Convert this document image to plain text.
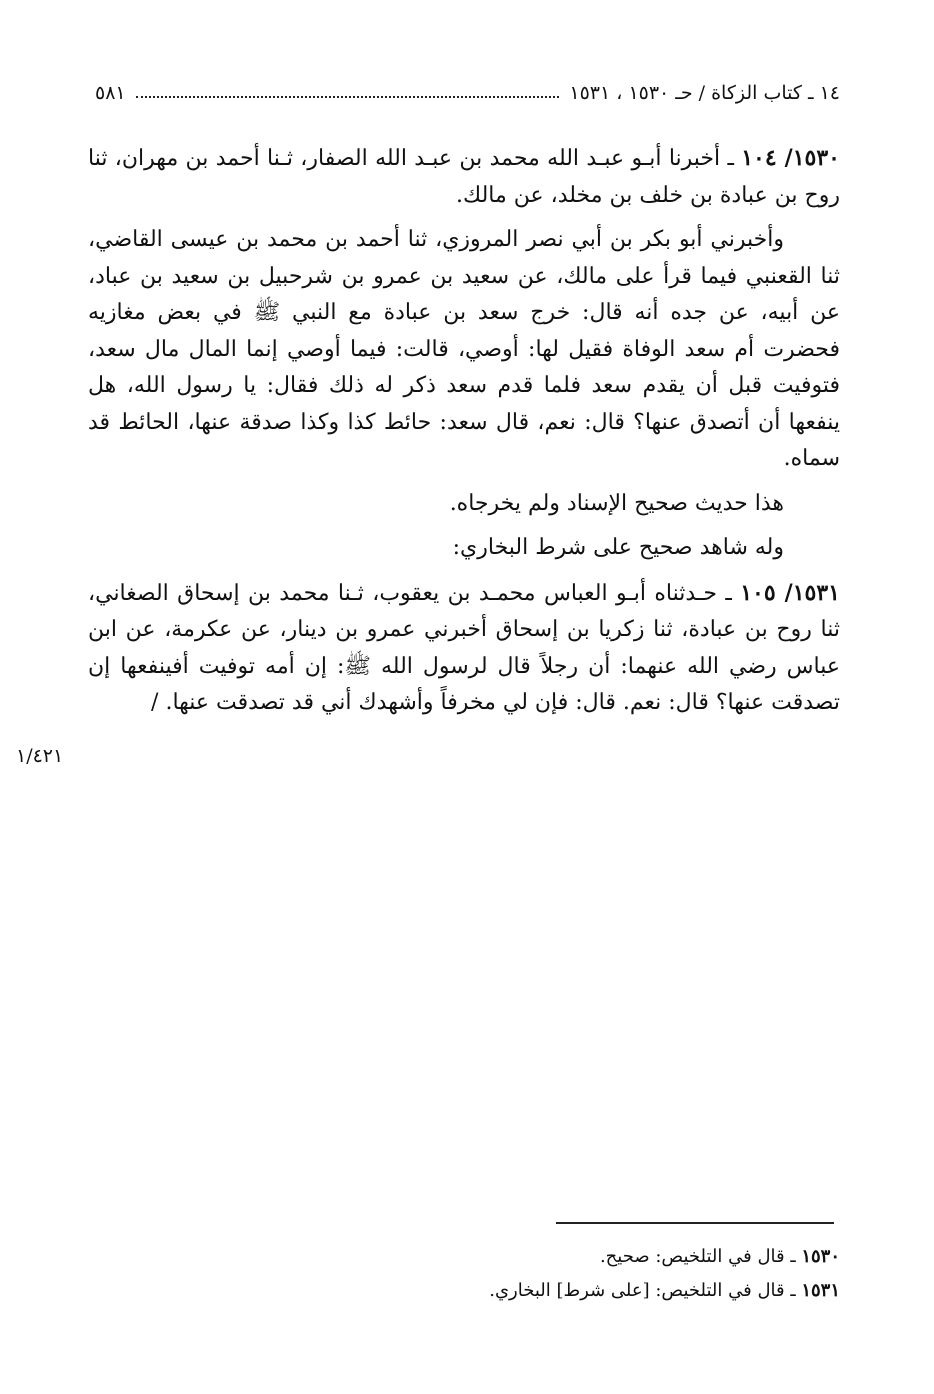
١٤ ـ كتاب الزكاة / حـ ١٥٣٠ ، ١٥٣١
٥٨١

١٥٣٠/ ١٠٤ ـ أخبرنا أبـو عبـد الله محمد بن عبـد الله الصفار، ثـنا أحمد بن مهران، ثنا روح بن عبادة بن خلف بن مخلد، عن مالك.

وأخبرني أبو بكر بن أبي نصر المروزي، ثنا أحمد بن محمد بن عيسى القاضي، ثنا القعنبي فيما قرأ على مالك، عن سعيد بن عمرو بن شرحبيل بن سعيد بن عباد، عن أبيه، عن جده أنه قال: خرج سعد بن عبادة مع النبي ﷺ في بعض مغازيه فحضرت أم سعد الوفاة فقيل لها: أوصي، قالت: فيما أوصي إنما المال مال سعد، فتوفيت قبل أن يقدم سعد فلما قدم سعد ذكر له ذلك فقال: يا رسول الله، هل ينفعها أن أتصدق عنها؟ قال: نعم، قال سعد: حائط كذا وكذا صدقة عنها، الحائط قد سماه.

هذا حديث صحيح الإسناد ولم يخرجاه.

وله شاهد صحيح على شرط البخاري:

١٥٣١/ ١٠٥ ـ حـدثناه أبـو العباس محمـد بن يعقوب، ثـنا محمد بن إسحاق الصغاني، ثنا روح بن عبادة، ثنا زكريا بن إسحاق أخبرني عمرو بن دينار، عن عكرمة، عن ابن عباس رضي الله عنهما: أن رجلاً قال لرسول الله ﷺ: إن أمه توفيت أفينفعها إن تصدقت عنها؟ قال: نعم. قال: فإن لي مخرفاً وأشهدك أني قد تصدقت عنها. /

١/٤٢١
١٥٣٠ ـ قال في التلخيص: صحيح.
١٥٣١ ـ قال في التلخيص: [على شرط] البخاري.
